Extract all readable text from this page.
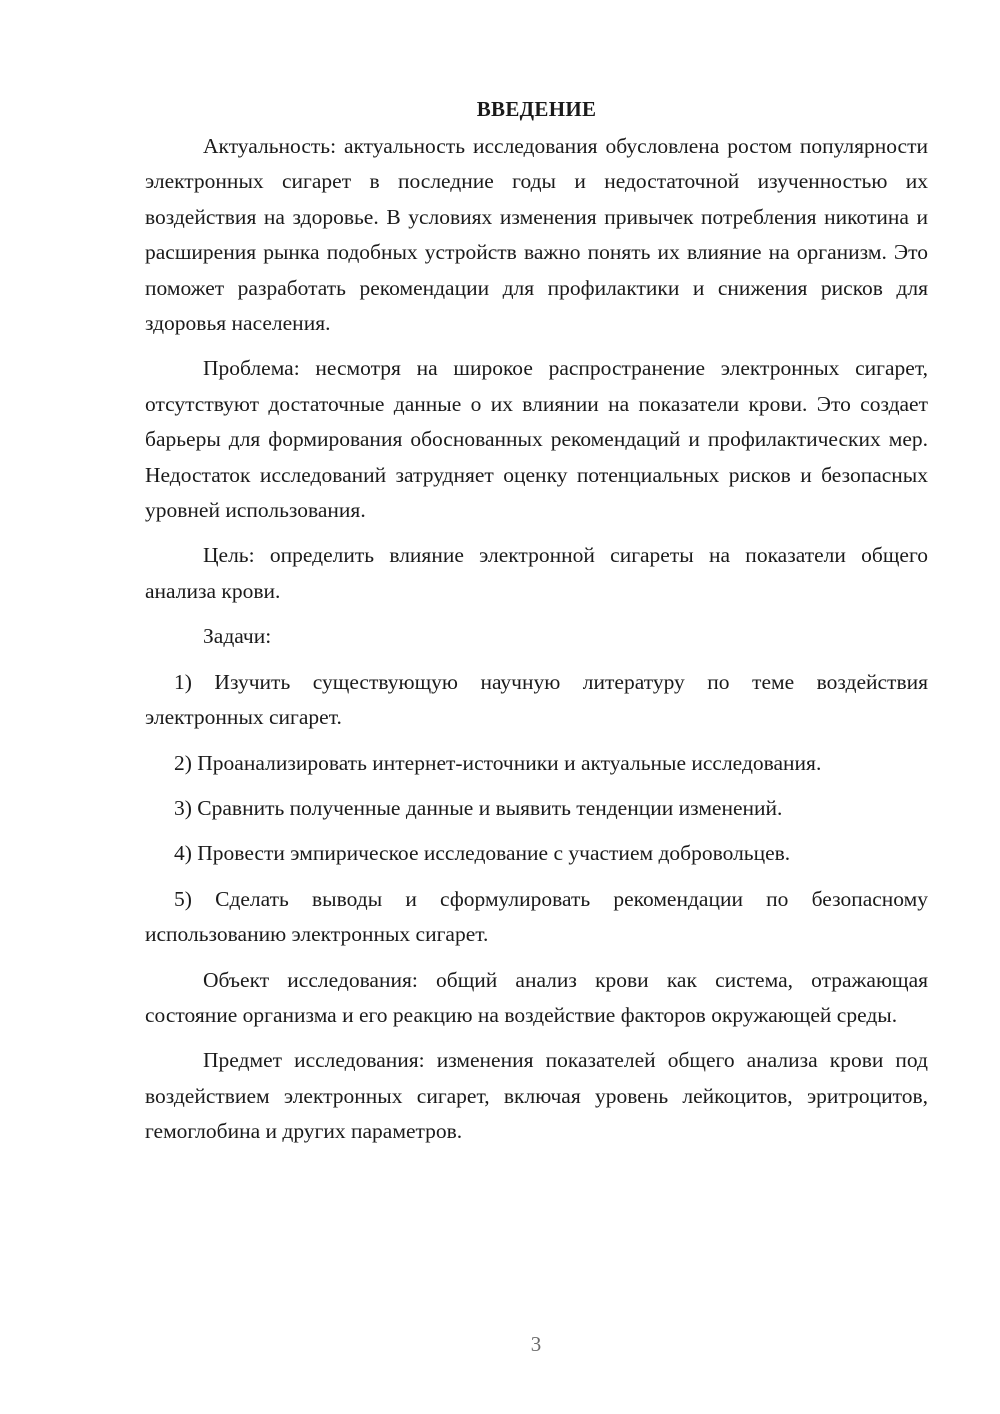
ВВЕДЕНИЕ

Актуальность: актуальность исследования обусловлена ростом популярности электронных сигарет в последние годы и недостаточной изученностью их воздействия на здоровье. В условиях изменения привычек потребления никотина и расширения рынка подобных устройств важно понять их влияние на организм. Это поможет разработать рекомендации для профилактики и снижения рисков для здоровья населения.

Проблема: несмотря на широкое распространение электронных сигарет, отсутствуют достаточные данные о их влиянии на показатели крови. Это создает барьеры для формирования обоснованных рекомендаций и профилактических мер. Недостаток исследований затрудняет оценку потенциальных рисков и безопасных уровней использования.

Цель: определить влияние электронной сигареты на показатели общего анализа крови.

Задачи:

1) Изучить существующую научную литературу по теме воздействия электронных сигарет.

2) Проанализировать интернет-источники и актуальные исследования.

3) Сравнить полученные данные и выявить тенденции изменений.

4) Провести эмпирическое исследование с участием добровольцев.

5) Сделать выводы и сформулировать рекомендации по безопасному использованию электронных сигарет.

Объект исследования: общий анализ крови как система, отражающая состояние организма и его реакцию на воздействие факторов окружающей среды.

Предмет исследования: изменения показателей общего анализа крови под воздействием электронных сигарет, включая уровень лейкоцитов, эритроцитов, гемоглобина и других параметров.

3
